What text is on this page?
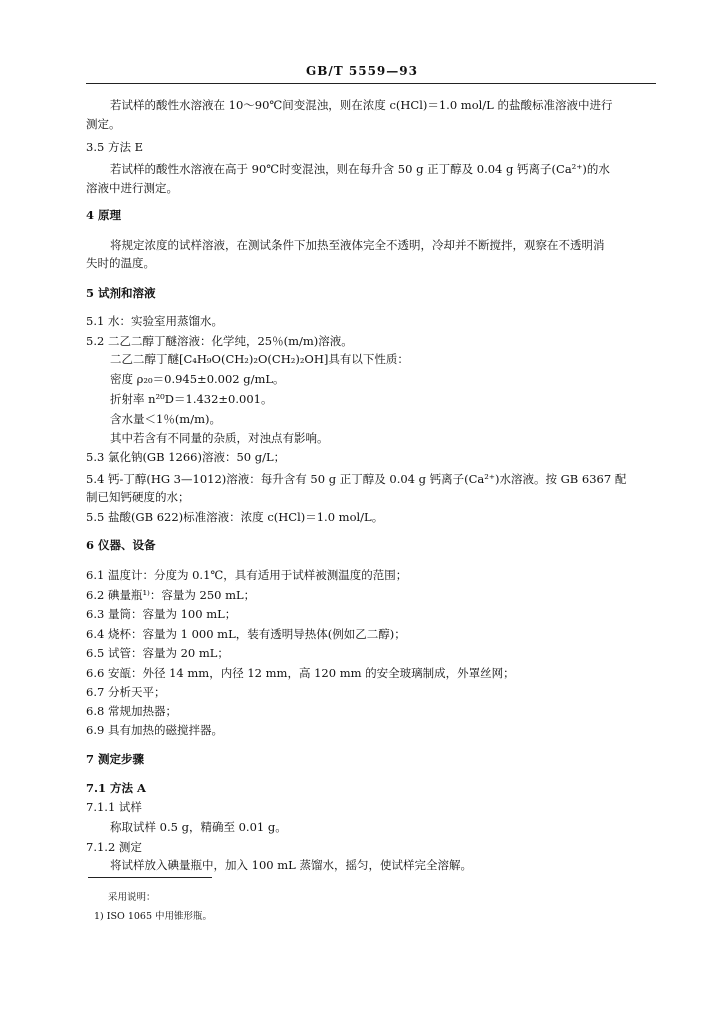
GB/T 5559—93
若试样的酸性水溶液在 10～90℃间变混浊，则在浓度 c(HCl)＝1.0 mol/L 的盐酸标准溶液中进行
测定。
3.5 方法 E
若试样的酸性水溶液在高于 90℃时变混浊，则在每升含 50 g 正丁醇及 0.04 g 钙离子(Ca²⁺)的水
溶液中进行测定。
4 原理
将规定浓度的试样溶液，在测试条件下加热至液体完全不透明，冷却并不断搅拌，观察在不透明消
失时的温度。
5 试剂和溶液
5.1 水：实验室用蒸馏水。
5.2 二乙二醇丁醚溶液：化学纯，25％(m/m)溶液。
二乙二醇丁醚[C₄H₉O(CH₂)₂O(CH₂)₂OH]具有以下性质：
密度 ρ₂₀＝0.945±0.002 g/mL。
折射率 n²⁰D＝1.432±0.001。
含水量＜1％(m/m)。
其中若含有不同量的杂质，对浊点有影响。
5.3 氯化钠(GB 1266)溶液：50 g/L；
5.4 钙-丁醇(HG 3—1012)溶液：每升含有 50 g 正丁醇及 0.04 g 钙离子(Ca²⁺)水溶液。按 GB 6367 配
制已知钙硬度的水；
5.5 盐酸(GB 622)标准溶液：浓度 c(HCl)＝1.0 mol/L。
6 仪器、设备
6.1 温度计：分度为 0.1℃，具有适用于试样被测温度的范围；
6.2 碘量瓶¹⁾：容量为 250 mL；
6.3 量筒：容量为 100 mL；
6.4 烧杯：容量为 1 000 mL，装有透明导热体(例如乙二醇)；
6.5 试管：容量为 20 mL；
6.6 安瓿：外径 14 mm，内径 12 mm，高 120 mm 的安全玻璃制成，外罩丝网；
6.7 分析天平；
6.8 常规加热器；
6.9 具有加热的磁搅拌器。
7 测定步骤
7.1 方法 A
7.1.1 试样
称取试样 0.5 g，精确至 0.01 g。
7.1.2 测定
将试样放入碘量瓶中，加入 100 mL 蒸馏水，摇匀，使试样完全溶解。
采用说明：
1) ISO 1065 中用锥形瓶。
